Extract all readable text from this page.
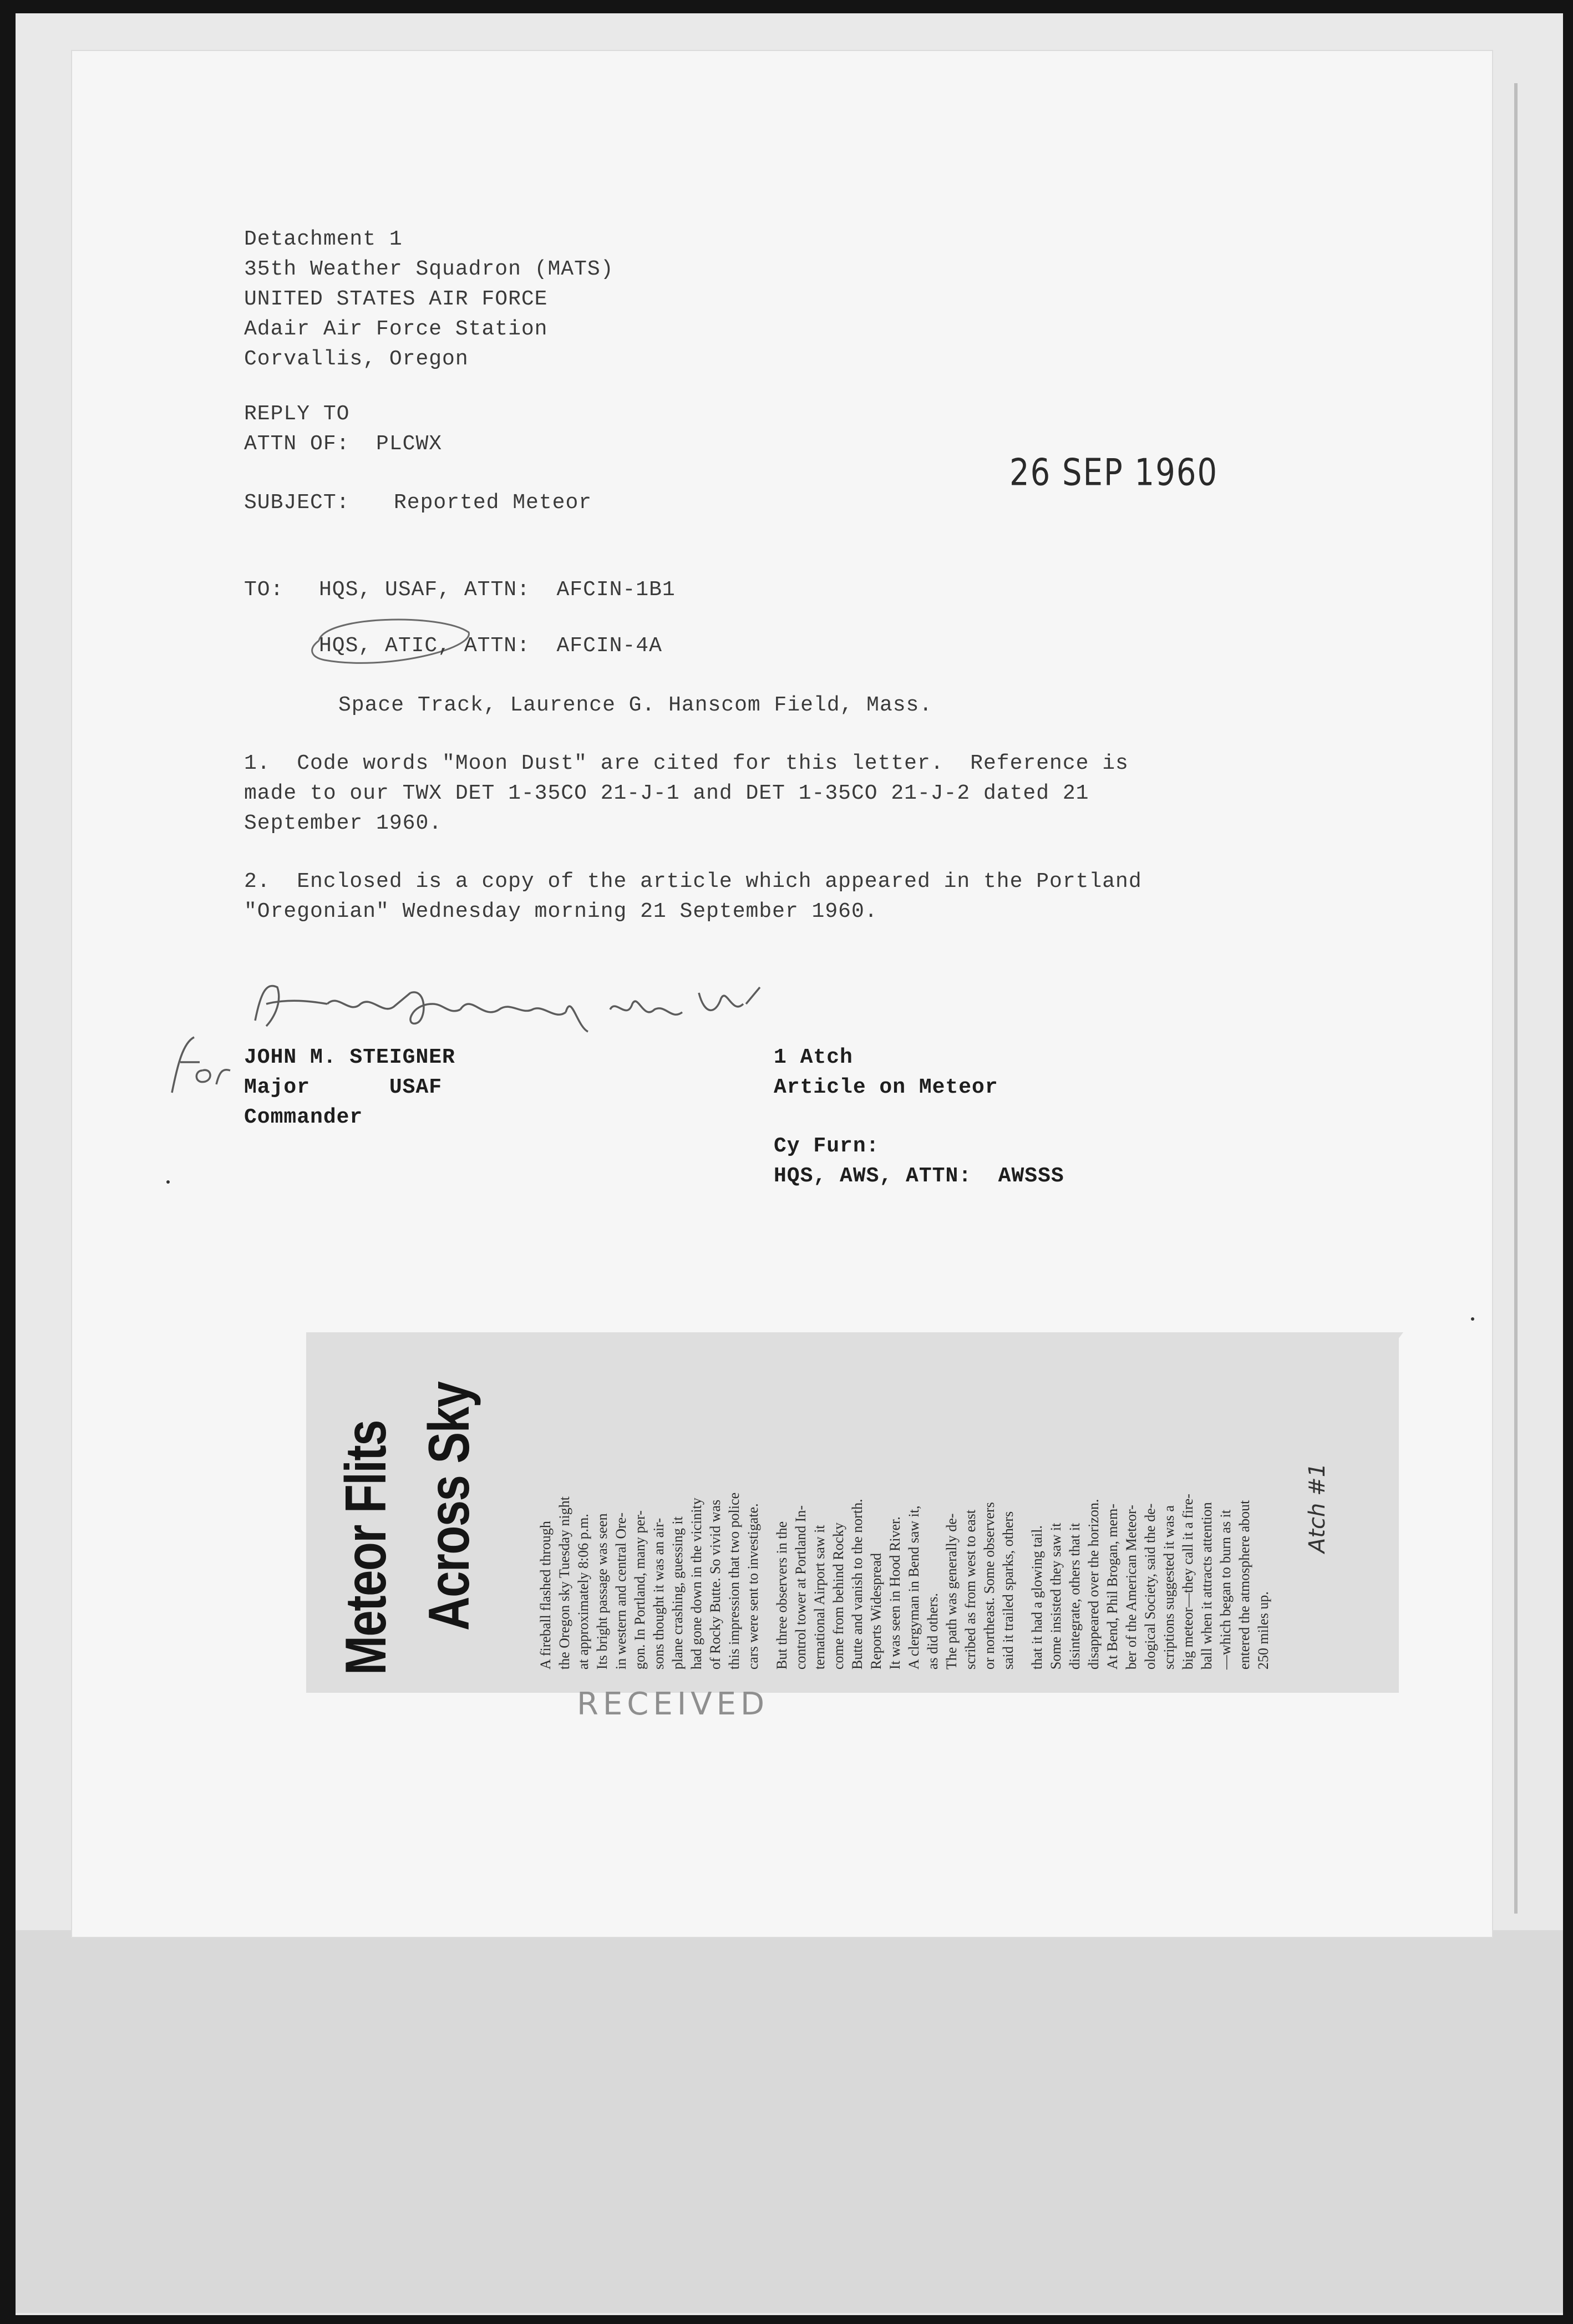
Detachment 1
35th Weather Squadron (MATS)
UNITED STATES AIR FORCE
Adair Air Force Station
Corvallis, Oregon
REPLY TO
ATTN OF:  PLCWX
SUBJECT: Reported Meteor
26 SEP 1960
TO: HQS, USAF, ATTN:  AFCIN-1B1
HQS, ATIC, ATTN:  AFCIN-4A
Space Track, Laurence G. Hanscom Field, Mass.
1.  Code words "Moon Dust" are cited for this letter.  Reference is
made to our TWX DET 1-35CO 21-J-1 and DET 1-35CO 21-J-2 dated 21
September 1960.
2.  Enclosed is a copy of the article which appeared in the Portland
"Oregonian" Wednesday morning 21 September 1960.
JOHN M. STEIGNER
Major      USAF
Commander
1 Atch
Article on Meteor
Cy Furn:
HQS, AWS, ATTN:  AWSSS
Meteor Flits Across Sky	A fireball flashed through the Oregon sky Tuesday night at approximately 8:06 p.m. Its bright passage was seen in western and central Ore- gon. In Portland, many per- sons thought it was an air- plane crashing, guessing it had gone down in the vicinity of Rocky Butte. So vivid was this impression that two police cars were sent to investigate. But three observers in the control tower at Portland In- ternational Airport saw it come from behind Rocky Butte and vanish to the north. Reports Widespread It was seen in Hood River. A clergyman in Bend saw it, as did others. The path was generally de- scribed as from west to east or northeast. Some observers said it trailed sparks, others that it had a glowing tail. Some insisted they saw it disintegrate, others that it disappeared over the horizon. At Bend, Phil Brogan, mem- ber of the American Meteor- ological Society, said the de- scriptions suggested it was a big meteor—they call it a fire- ball when it attracts attention —which began to burn as it entered the atmosphere about 250 miles up.
Atch #1
RECEIVED
